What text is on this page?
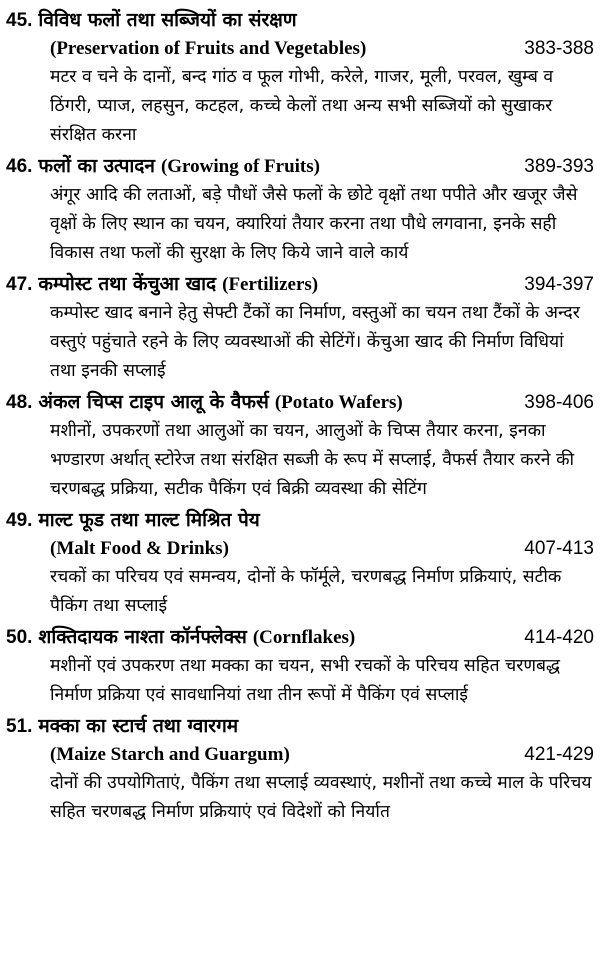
45. विविध फलों तथा सब्जियों का संरक्षण
(Preservation of Fruits and Vegetables)	383-388
मटर व चने के दानों, बन्द गांठ व फूल गोभी, करेले, गाजर, मूली, परवल, खुम्ब व ठिंगरी, प्याज, लहसुन, कटहल, कच्चे केलों तथा अन्य सभी सब्जियों को सुखाकर संरक्षित करना
46. फलों का उत्पादन (Growing of Fruits)	389-393
अंगूर आदि की लताओं, बड़े पौधों जैसे फलों के छोटे वृक्षों तथा पपीते और खजूर जैसे वृक्षों के लिए स्थान का चयन, क्यारियां तैयार करना तथा पौधे लगवाना, इनके सही विकास तथा फलों की सुरक्षा के लिए किये जाने वाले कार्य
47. कम्पोस्ट तथा केंचुआ खाद (Fertilizers)	394-397
कम्पोस्ट खाद बनाने हेतु सेफ्टी टैंकों का निर्माण, वस्तुओं का चयन तथा टैंकों के अन्दर वस्तुएं पहुंचाते रहने के लिए व्यवस्थाओं की सेटिंगें। केंचुआ खाद की निर्माण विधियां तथा इनकी सप्लाई
48. अंकल चिप्स टाइप आलू के वैफर्स (Potato Wafers)	398-406
मशीनों, उपकरणों तथा आलुओं का चयन, आलुओं के चिप्स तैयार करना, इनका भण्डारण अर्थात् स्टोरेज तथा संरक्षित सब्जी के रूप में सप्लाई, वैफर्स तैयार करने की चरणबद्ध प्रक्रिया, सटीक पैकिंग एवं बिक्री व्यवस्था की सेटिंग
49. माल्ट फूड तथा माल्ट मिश्रित पेय
(Malt Food & Drinks)	407-413
रचकों का परिचय एवं समन्वय, दोनों के फॉर्मूले, चरणबद्ध निर्माण प्रक्रियाएं, सटीक पैकिंग तथा सप्लाई
50. शक्तिदायक नाश्ता कॉर्नफ्लेक्स (Cornflakes)	414-420
मशीनों एवं उपकरण तथा मक्का का चयन, सभी रचकों के परिचय सहित चरणबद्ध निर्माण प्रक्रिया एवं सावधानियां तथा तीन रूपों में पैकिंग एवं सप्लाई
51. मक्का का स्टार्च तथा ग्वारगम
(Maize Starch and Guargum)	421-429
दोनों की उपयोगिताएं, पैकिंग तथा सप्लाई व्यवस्थाएं, मशीनों तथा कच्चे माल के परिचय सहित चरणबद्ध निर्माण प्रक्रियाएं एवं विदेशों को निर्यात
